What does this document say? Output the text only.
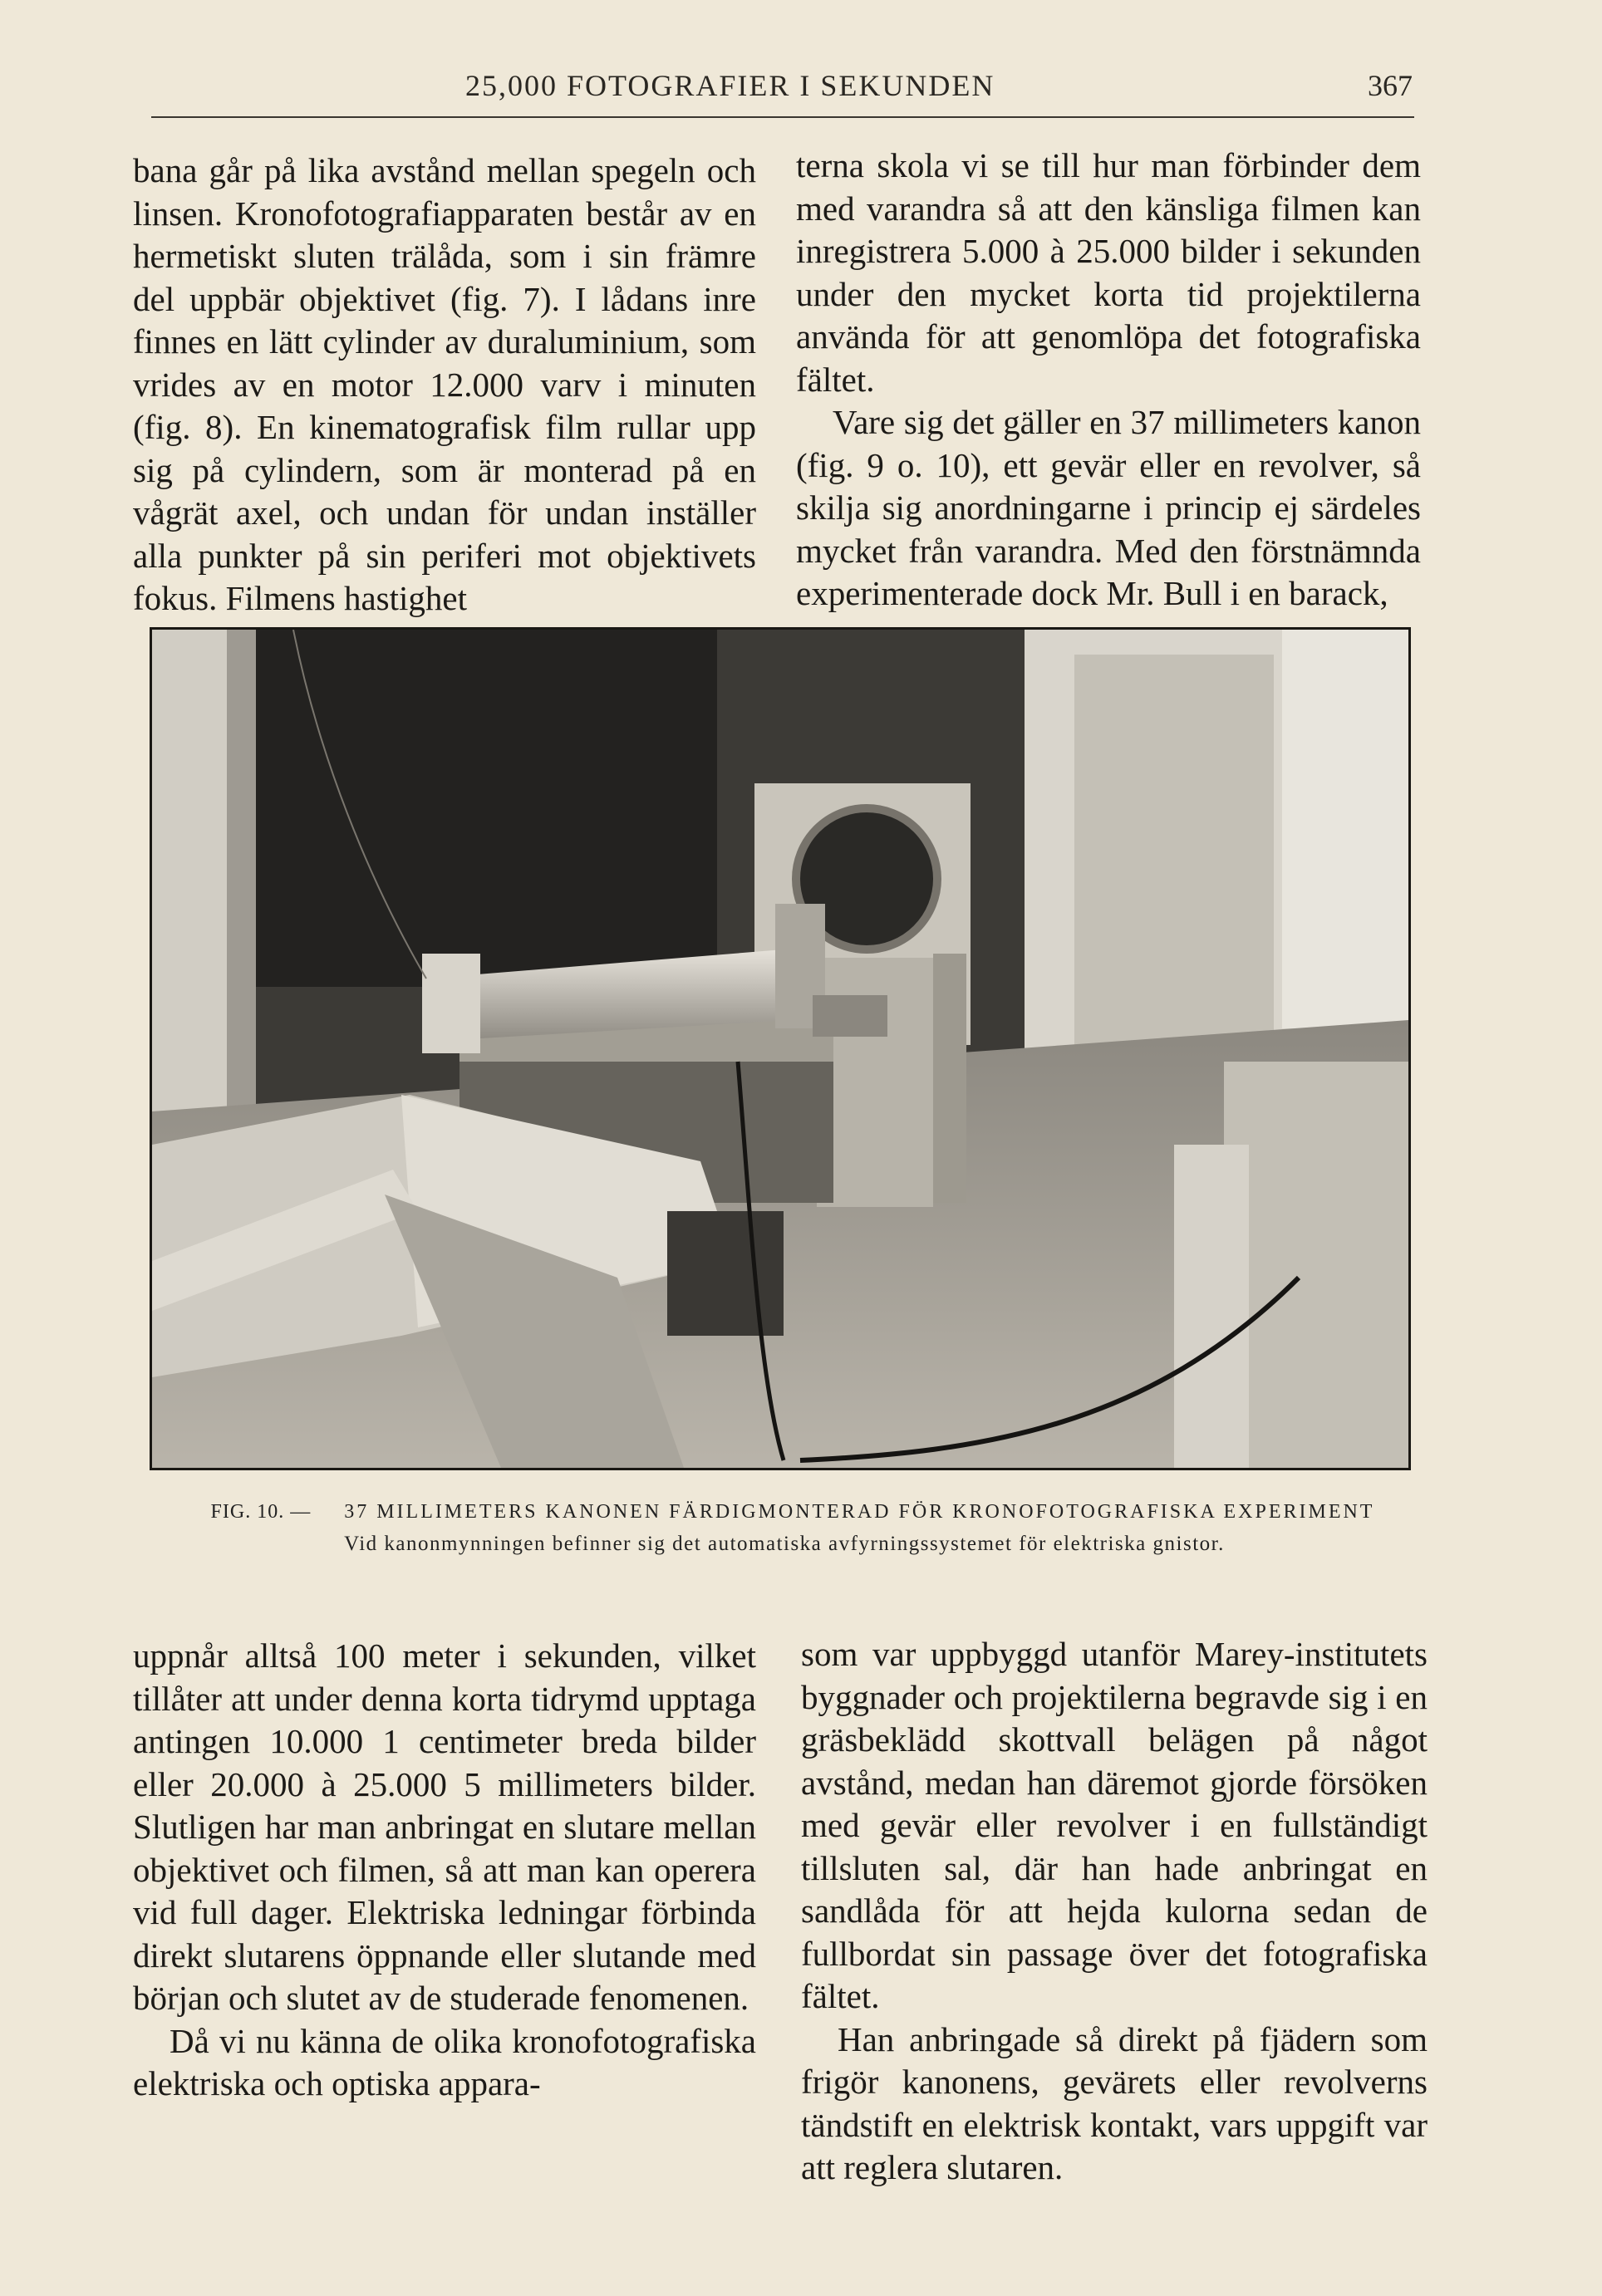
25,000 FOTOGRAFIER I SEKUNDEN	367

bana går på lika avstånd mellan spegeln och linsen. Kronofotografiapparaten består av en hermetiskt sluten trälåda, som i sin främre del uppbär objektivet (fig. 7). I lådans inre finnes en lätt cylinder av duraluminium, som vrides av en motor 12.000 varv i minuten (fig. 8). En kinematografisk film rullar upp sig på cylindern, som är monterad på en vågrät axel, och undan för undan inställer alla punkter på sin periferi mot objektivets fokus. Filmens hastighet

terna skola vi se till hur man förbinder dem med varandra så att den känsliga filmen kan inregistrera 5.000 à 25.000 bilder i sekunden under den mycket korta tid projektilerna använda för att genomlöpa det fotografiska fältet.

Vare sig det gäller en 37 millimeters kanon (fig. 9 o. 10), ett gevär eller en revolver, så skilja sig anordningarne i princip ej särdeles mycket från varandra. Med den förstnämnda experimenterade dock Mr. Bull i en barack,

FIG. 10. — 37 MILLIMETERS KANONEN FÄRDIGMONTERAD FÖR KRONOFOTOGRAFISKA EXPERIMENT
Vid kanonmynningen befinner sig det automatiska avfyrningssystemet för elektriska gnistor.

uppnår alltså 100 meter i sekunden, vilket tillåter att under denna korta tidrymd upptaga antingen 10.000 1 centimeter breda bilder eller 20.000 à 25.000 5 millimeters bilder. Slutligen har man anbringat en slutare mellan objektivet och filmen, så att man kan operera vid full dager. Elektriska ledningar förbinda direkt slutarens öppnande eller slutande med början och slutet av de studerade fenomenen.

Då vi nu känna de olika kronofotografiska elektriska och optiska appara-

som var uppbyggd utanför Marey-institutets byggnader och projektilerna begravde sig i en gräsbeklädd skottvall belägen på något avstånd, medan han däremot gjorde försöken med gevär eller revolver i en fullständigt tillsluten sal, där han hade anbringat en sandlåda för att hejda kulorna sedan de fullbordat sin passage över det fotografiska fältet.

Han anbringade så direkt på fjädern som frigör kanonens, gevärets eller revolverns tändstift en elektrisk kontakt, vars uppgift var att reglera slutaren.
